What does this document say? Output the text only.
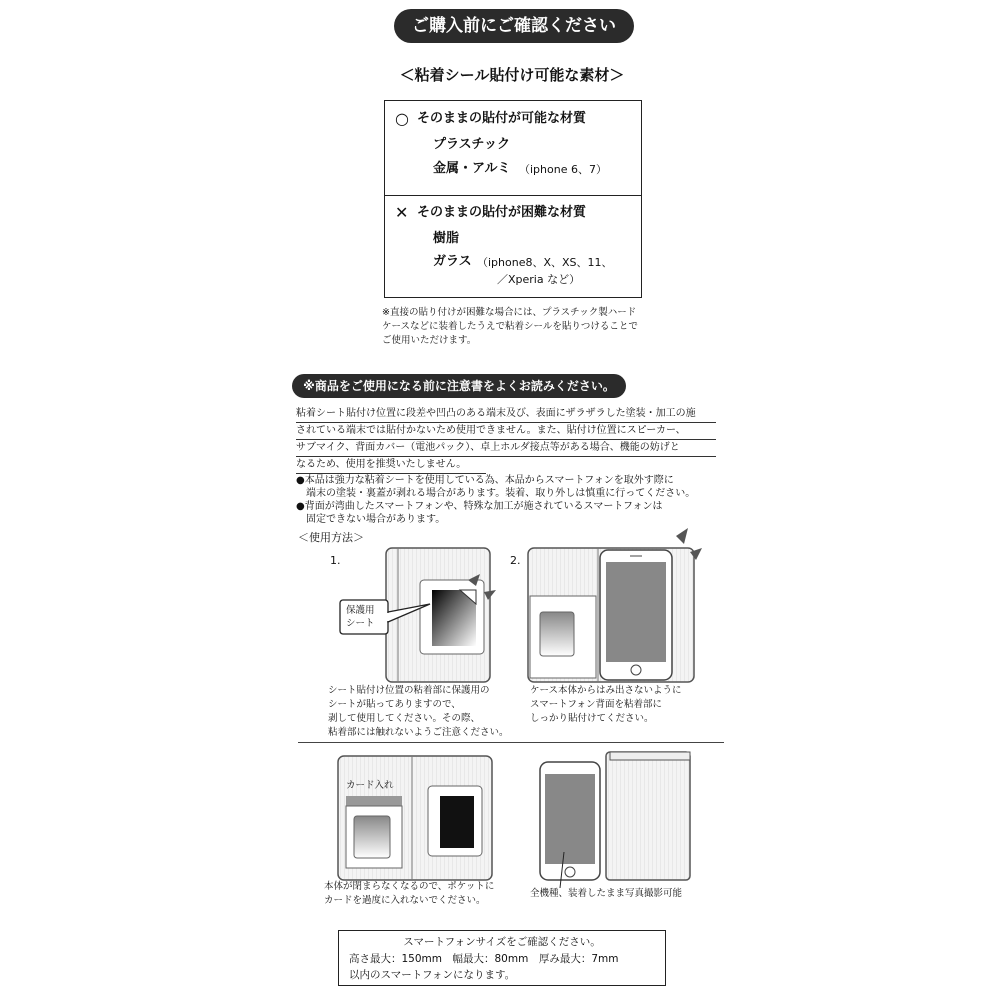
ご購入前にご確認ください
＜粘着シール貼付け可能な素材＞
○ そのままの貼付が可能な材質
プラスチック
金属・アルミ （iphone 6、7）
✕ そのままの貼付が困難な材質
樹脂
ガラス （iphone8、X、XS、11、
／Xperia など）
※直接の貼り付けが困難な場合には、プラスチック製ハード
ケースなどに装着したうえで粘着シールを貼りつけることで
ご使用いただけます。
※商品をご使用になる前に注意書をよくお読みください。
粘着シート貼付け位置に段差や凹凸のある端末及び、表面にザラザラした塗装・加工の施
されている端末では貼付かないため使用できません。また、貼付け位置にスピーカー、
サブマイク、背面カバー（電池パック）、卓上ホルダ接点等がある場合、機能の妨げと
なるため、使用を推奨いたしません。
●本品は強力な粘着シートを使用している為、本品からスマートフォンを取外す際に
　端末の塗装・裏蓋が剥れる場合があります。装着、取り外しは慎重に行ってください。
●背面が湾曲したスマートフォンや、特殊な加工が施されているスマートフォンは
　固定できない場合があります。
＜使用方法＞
1.	2.
保護用
シート
シート貼付け位置の粘着部に保護用の
シートが貼ってありますので、
剥して使用してください。その際、
粘着部には触れないようご注意ください。
ケース本体からはみ出さないように
スマートフォン背面を粘着部に
しっかり貼付けてください。
カード入れ
本体が閉まらなくなるので、ポケットに
カードを過度に入れないでください。
全機種、装着したまま写真撮影可能
スマートフォンサイズをご確認ください。
高さ最大：150mm　幅最大：80mm　厚み最大：7mm
以内のスマートフォンになります。
